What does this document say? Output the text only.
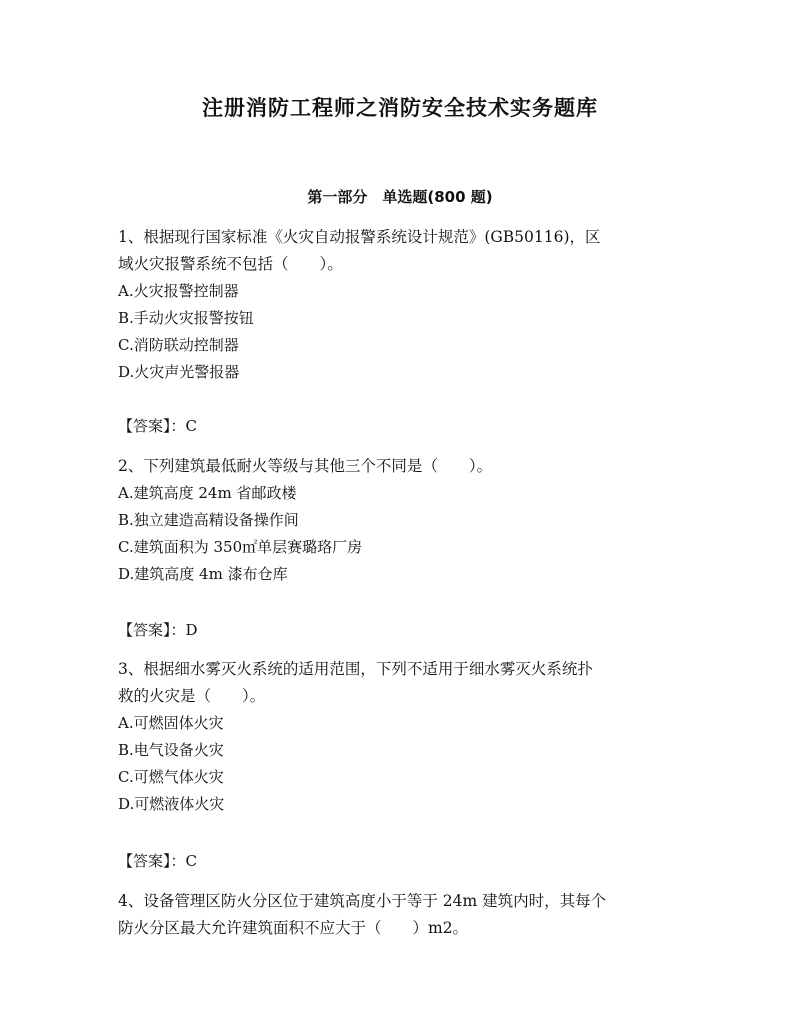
注册消防工程师之消防安全技术实务题库
第一部分　单选题(800 题)

1、根据现行国家标准《火灾自动报警系统设计规范》(GB50116)，区

域火灾报警系统不包括（　　）。

A.火灾报警控制器

B.手动火灾报警按钮

C.消防联动控制器

D.火灾声光警报器

【答案】：C

2、下列建筑最低耐火等级与其他三个不同是（　　）。

A.建筑高度 24m 省邮政楼

B.独立建造高精设备操作间

C.建筑面积为 350㎡单层赛璐珞厂房

D.建筑高度 4m 漆布仓库

【答案】：D

3、根据细水雾灭火系统的适用范围，下列不适用于细水雾灭火系统扑

救的火灾是（　　）。

A.可燃固体火灾

B.电气设备火灾

C.可燃气体火灾

D.可燃液体火灾

【答案】：C

4、设备管理区防火分区位于建筑高度小于等于 24m 建筑内时，其每个

防火分区最大允许建筑面积不应大于（　　）m2。
